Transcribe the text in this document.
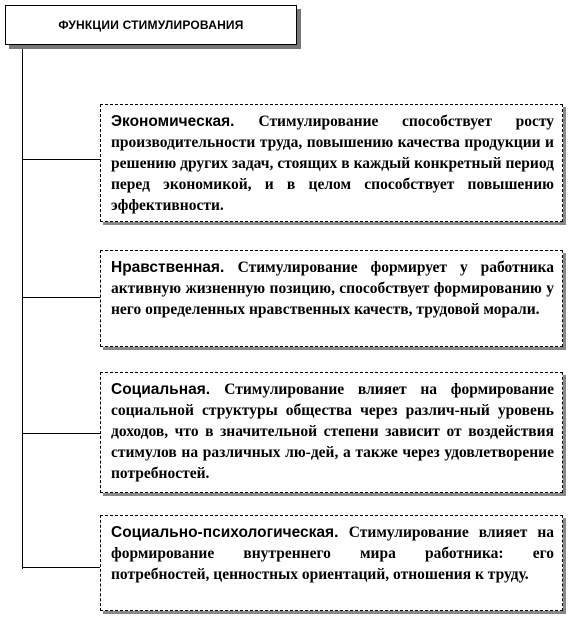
ФУНКЦИИ СТИМУЛИРОВАНИЯ
Экономическая. Стимулирование способствует росту производительности труда, повышению качества продукции и решению других задач, стоящих в каждый конкретный период перед экономикой, и в целом способствует повышению эффективности.
Нравственная. Стимулирование формирует у работника активную жизненную позицию, способствует формированию у него определенных нравственных качеств, трудовой морали.
Социальная. Стимулирование влияет на формирование социальной структуры общества через различ-ный уровень доходов, что в значительной степени зависит от воздействия стимулов на различных лю-дей, а также через удовлетворение потребностей.
Социально-психологическая. Стимулирование влияет на формирование внутреннего мира работника: его потребностей, ценностных ориентаций, отношения к труду.
